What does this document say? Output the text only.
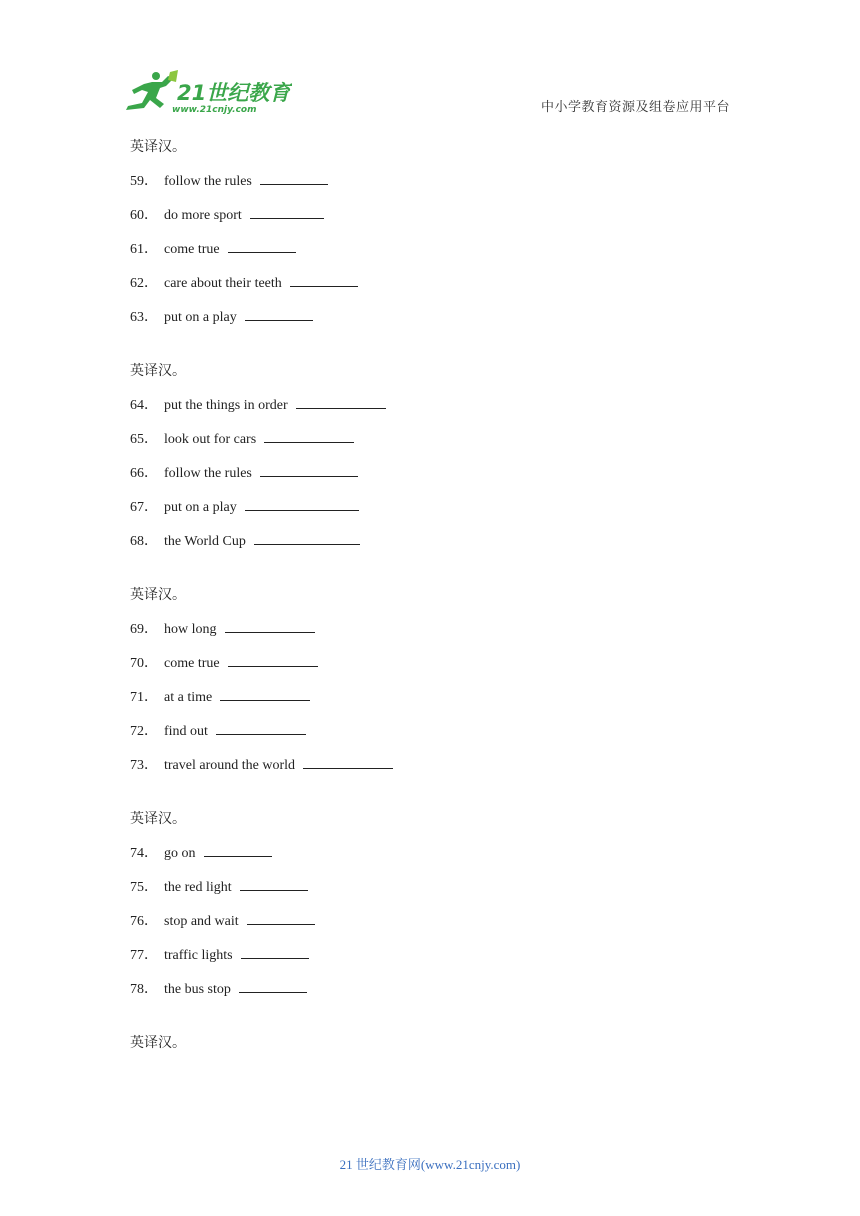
21世纪教育
www.21cnjy.com	中小学教育资源及组卷应用平台
英译汉。
59． follow the rules
60． do more sport
61． come true
62． care about their teeth
63． put on a play
英译汉。
64． put the things in order
65． look out for cars
66． follow the rules
67． put on a play
68． the World Cup
英译汉。
69． how long
70． come true
71． at a time
72． find out
73． travel around the world
英译汉。
74． go on
75． the red light
76． stop and wait
77． traffic lights
78． the bus stop
英译汉。
21 世纪教育网(www.21cnjy.com)
